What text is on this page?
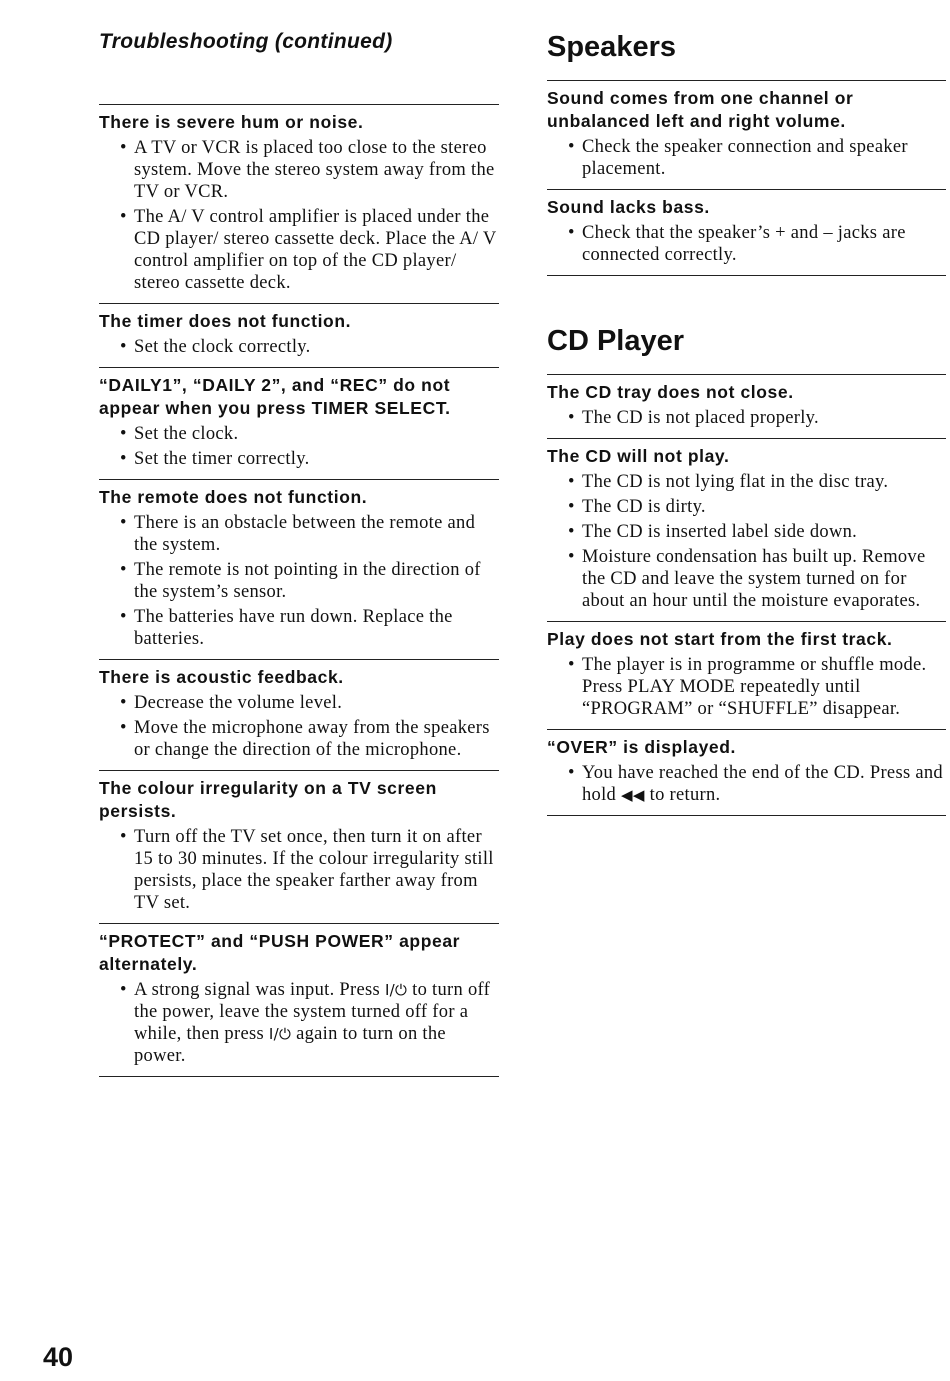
Troubleshooting (continued)
There is severe hum or noise.
• A TV or VCR is placed too close to the stereo system. Move the stereo system away from the TV or VCR.
• The A/ V control amplifier is placed under the CD player/ stereo cassette deck. Place the A/ V control amplifier on top of the CD player/ stereo cassette deck.
The timer does not function.
• Set the clock correctly.
“DAILY1”, “DAILY 2”, and “REC” do not appear when you press TIMER SELECT.
• Set the clock.
• Set the timer correctly.
The remote does not function.
• There is an obstacle between the remote and the system.
• The remote is not pointing in the direction of the system’s sensor.
• The batteries have run down. Replace the batteries.
There is acoustic feedback.
• Decrease the volume level.
• Move the microphone away from the speakers or change the direction of the microphone.
The colour irregularity on a TV screen persists.
• Turn off the TV set once, then turn it on after 15 to 30 minutes. If the colour irregularity still persists, place the speaker farther away from TV set.
“PROTECT” and “PUSH POWER” appear alternately.
• A strong signal was input. Press I/⏻ to turn off the power, leave the system turned off for a while, then press I/⏻ again to turn on the power.
Speakers
Sound comes from one channel or unbalanced left and right volume.
• Check the speaker connection and speaker placement.
Sound lacks bass.
• Check that the speaker’s + and – jacks are connected correctly.
CD Player
The CD tray does not close.
• The CD is not placed properly.
The CD will not play.
• The CD is not lying flat in the disc tray.
• The CD is dirty.
• The CD is inserted label side down.
• Moisture condensation has built up. Remove the CD and leave the system turned on for about an hour until the moisture evaporates.
Play does not start from the first track.
• The player is in programme or shuffle mode. Press PLAY MODE repeatedly until “PROGRAM” or “SHUFFLE” disappear.
“OVER” is displayed.
• You have reached the end of the CD. Press and hold ◀◀ to return.
40
